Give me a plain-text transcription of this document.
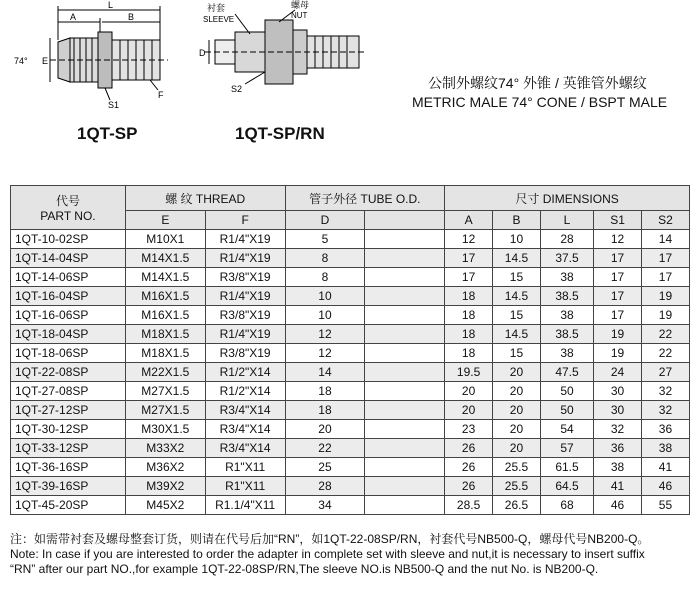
A
L
B
E
S1
F
74°
衬套
SLEEVE
螺母
NUT
D
S2
1QT-SP	1QT-SP/RN
公制外螺纹74° 外锥 / 英锥管外螺纹
METRIC MALE 74° CONE / BSPT MALE
代号
PART NO.	螺 纹 THREAD		管子外径 TUBE O.D.		尺寸 DIMENSIONS				
	E	F	D		A	B	L	S1	S2
1QT-10-02SP	M10X1	R1/4"X19	5		12	10	28	12	14
1QT-14-04SP	M14X1.5	R1/4"X19	8		17	14.5	37.5	17	17
1QT-14-06SP	M14X1.5	R3/8"X19	8		17	15	38	17	17
1QT-16-04SP	M16X1.5	R1/4"X19	10		18	14.5	38.5	17	19
1QT-16-06SP	M16X1.5	R3/8"X19	10		18	15	38	17	19
1QT-18-04SP	M18X1.5	R1/4"X19	12		18	14.5	38.5	19	22
1QT-18-06SP	M18X1.5	R3/8"X19	12		18	15	38	19	22
1QT-22-08SP	M22X1.5	R1/2"X14	14		19.5	20	47.5	24	27
1QT-27-08SP	M27X1.5	R1/2"X14	18		20	20	50	30	32
1QT-27-12SP	M27X1.5	R3/4"X14	18		20	20	50	30	32
1QT-30-12SP	M30X1.5	R3/4"X14	20		23	20	54	32	36
1QT-33-12SP	M33X2	R3/4"X14	22		26	20	57	36	38
1QT-36-16SP	M36X2	R1"X11	25		26	25.5	61.5	38	41
1QT-39-16SP	M39X2	R1"X11	28		26	25.5	64.5	41	46
1QT-45-20SP	M45X2	R1.1/4"X11	34		28.5	26.5	68	46	55
注：如需带衬套及螺母整套订货，则请在代号后加“RN”，如1QT-22-08SP/RN，衬套代号NB500-Q，螺母代号NB200-Q。
Note: In case if you are interested to order the adapter in complete set with sleeve and nut,it is necessary to insert suffix
“RN” after our part NO.,for example 1QT-22-08SP/RN,The sleeve NO.is NB500-Q and the nut No. is NB200-Q.
